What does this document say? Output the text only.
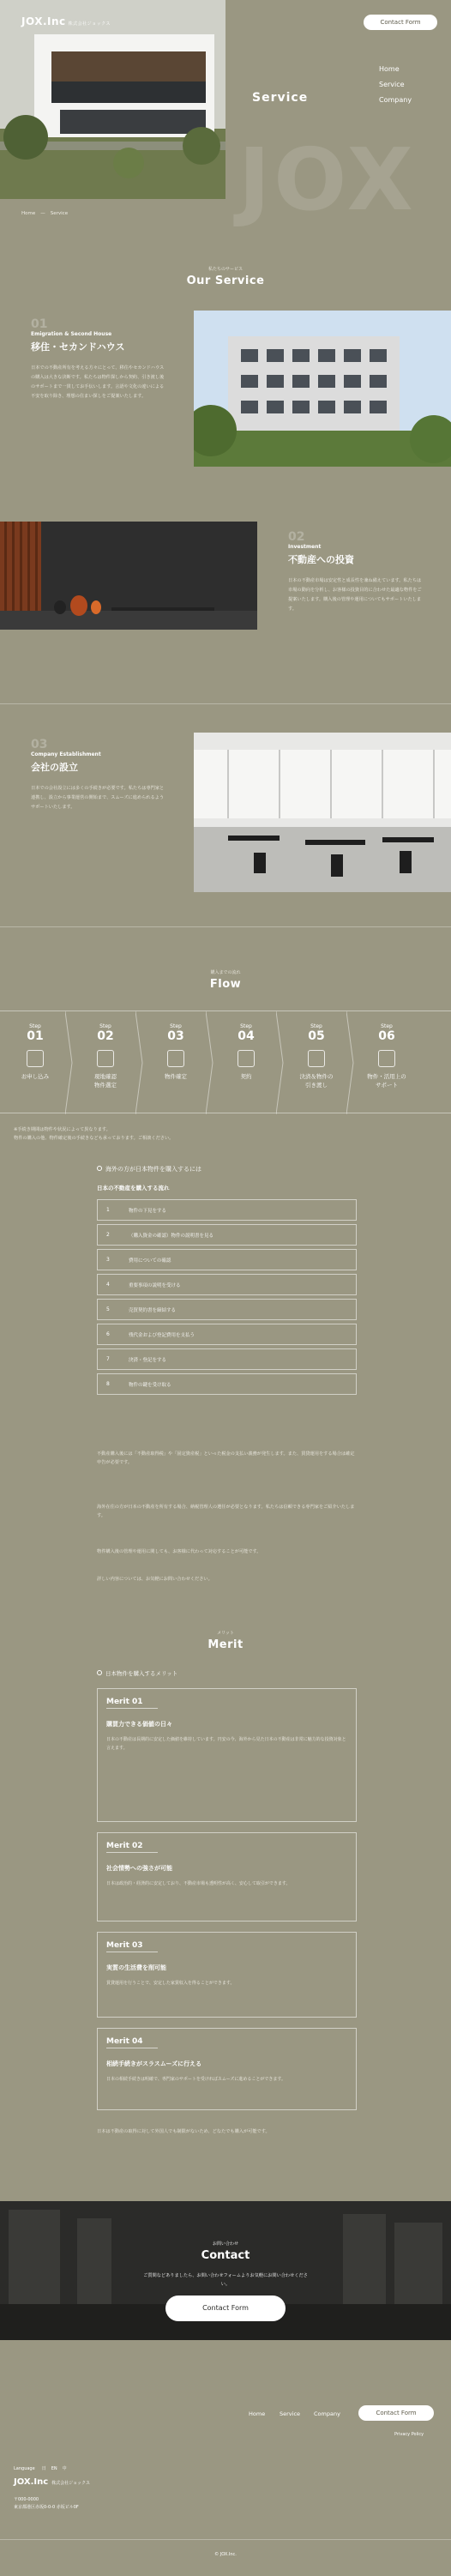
JOX.Inc 株式会社ジョックス	Contact Form
Home
Service
Company
Service
JOX
Home — Service
私たちのサービス
Our Service
01
Emigration & Second House
移住・セカンドハウス
日本での不動産所有を考える方々にとって、移住やセカンドハウスの購入は大きな決断です。私たちは物件探しから契約、引き渡し後のサポートまで一貫してお手伝いします。言語や文化の違いによる不安を取り除き、理想の住まい探しをご提案いたします。
02
Investment
不動産への投資
日本の不動産市場は安定性と成長性を兼ね備えています。私たちは市場の動向を分析し、お客様の投資目的に合わせた最適な物件をご提案いたします。購入後の管理や運用についてもサポートいたします。
03
Company Establishment
会社の設立
日本での会社設立には多くの手続きが必要です。私たちは専門家と連携し、設立から事業運営の開始まで、スムーズに進められるようサポートいたします。
購入までの流れ
Flow
Step
01
お申し込み
Step
02
現地確認
物件選定
Step
03
物件確定
Step
04
契約
Step
05
決済＆物件の
引き渡し
Step
06
物件・活用上の
サポート
※手続き期間は物件や状況によって異なります。
物件の購入の他、物件確定後の手続きなども承っております。ご相談ください。
海外の方が日本物件を購入するには
日本の不動産を購入する流れ
1	物件の下見をする
2	（購入資金の確認）物件の説明書を見る
3	費用についての確認
4	重要事項の説明を受ける
5	売買契約書を締結する
6	残代金および登記費用を支払う
7	決済・登記をする
8	物件の鍵を受け取る
不動産購入後には「不動産取得税」や「固定資産税」といった税金の支払い義務が発生します。また、賃貸運用をする場合は確定申告が必要です。
海外在住の方が日本の不動産を所有する場合、納税管理人の選任が必要となります。私たちは信頼できる専門家をご紹介いたします。
物件購入後の管理や運用に関しても、お客様に代わって対応することが可能です。
詳しい内容については、お気軽にお問い合わせください。
メリット
Merit
日本物件を購入するメリット
Merit 01
購買力できる価値の日々
日本の不動産は長期的に安定した価値を維持しています。円安の今、海外から見た日本の不動産は非常に魅力的な投資対象と言えます。
Merit 02
社会情勢への強さが可能
日本は政治的・経済的に安定しており、不動産市場も透明性が高く、安心して取引ができます。
Merit 03
実質の生活費を削可能
賃貸運用を行うことで、安定した家賃収入を得ることができます。
Merit 04
相続手続きがスラスムーズに行える
日本の相続手続きは明確で、専門家のサポートを受ければスムーズに進めることができます。
日本は不動産の取得に対して外国人でも制限がないため、どなたでも購入が可能です。
お問い合わせ
Contact
ご質問などありましたら、お問い合わせフォームよりお気軽にお問い合わせください。
Contact Form
Home	Service Company	Contact Form
Privacy Policy
Language 日 EN 中
JOX.Inc 株式会社ジョックス
〒000-0000
東京都港区赤坂0-0-0 赤坂ビル0F
© JOX.Inc.
